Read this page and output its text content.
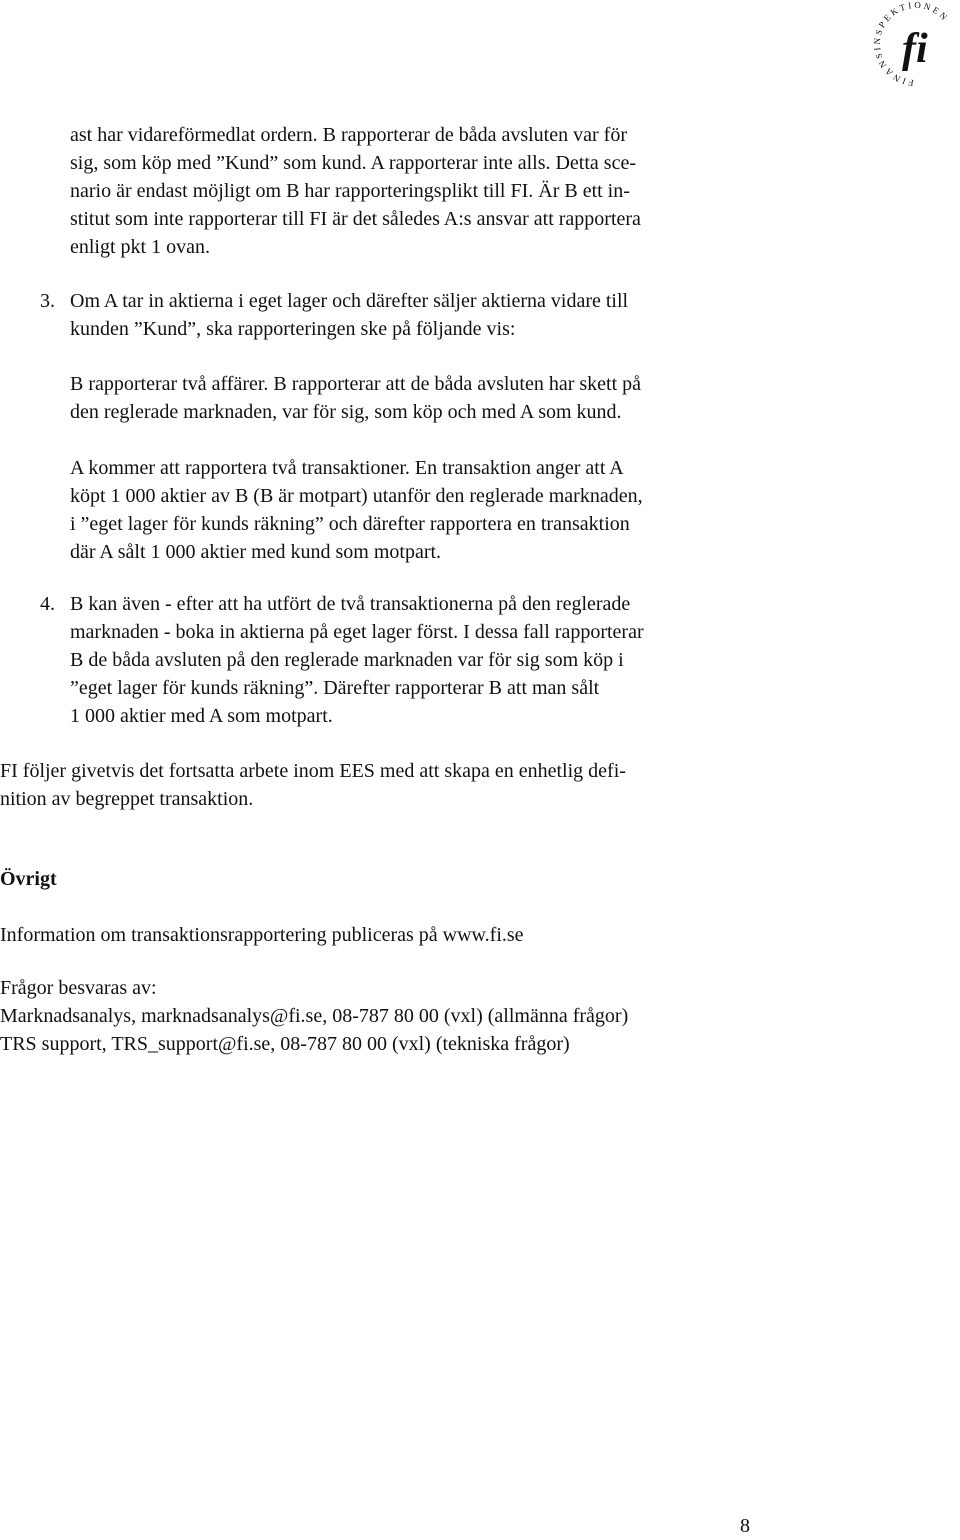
FINANSINSPEKTIONEN
fi
ast har vidareförmedlat ordern. B rapporterar de båda avsluten var för
sig, som köp med ”Kund” som kund. A rapporterar inte alls. Detta sce-
nario är endast möjligt om B har rapporteringsplikt till FI. Är B ett in-
stitut som inte rapporterar till FI är det således A:s ansvar att rapportera
enligt pkt 1 ovan.
3. Om A tar in aktierna i eget lager och därefter säljer aktierna vidare till
kunden ”Kund”, ska rapporteringen ske på följande vis:
B rapporterar två affärer. B rapporterar att de båda avsluten har skett på
den reglerade marknaden, var för sig, som köp och med A som kund.
A kommer att rapportera två transaktioner. En transaktion anger att A
köpt 1 000 aktier av B (B är motpart) utanför den reglerade marknaden,
i ”eget lager för kunds räkning” och därefter rapportera en transaktion
där A sålt 1 000 aktier med kund som motpart.
4. B kan även - efter att ha utfört de två transaktionerna på den reglerade
marknaden - boka in aktierna på eget lager först. I dessa fall rapporterar
B de båda avsluten på den reglerade marknaden var för sig som köp i
”eget lager för kunds räkning”. Därefter rapporterar B att man sålt
1 000 aktier med A som motpart.
FI följer givetvis det fortsatta arbete inom EES med att skapa en enhetlig defi-
nition av begreppet transaktion.
Övrigt
Information om transaktionsrapportering publiceras på www.fi.se
Frågor besvaras av:
Marknadsanalys, marknadsanalys@fi.se, 08-787 80 00 (vxl) (allmänna frågor)
TRS support, TRS_support@fi.se, 08-787 80 00 (vxl) (tekniska frågor)
8
